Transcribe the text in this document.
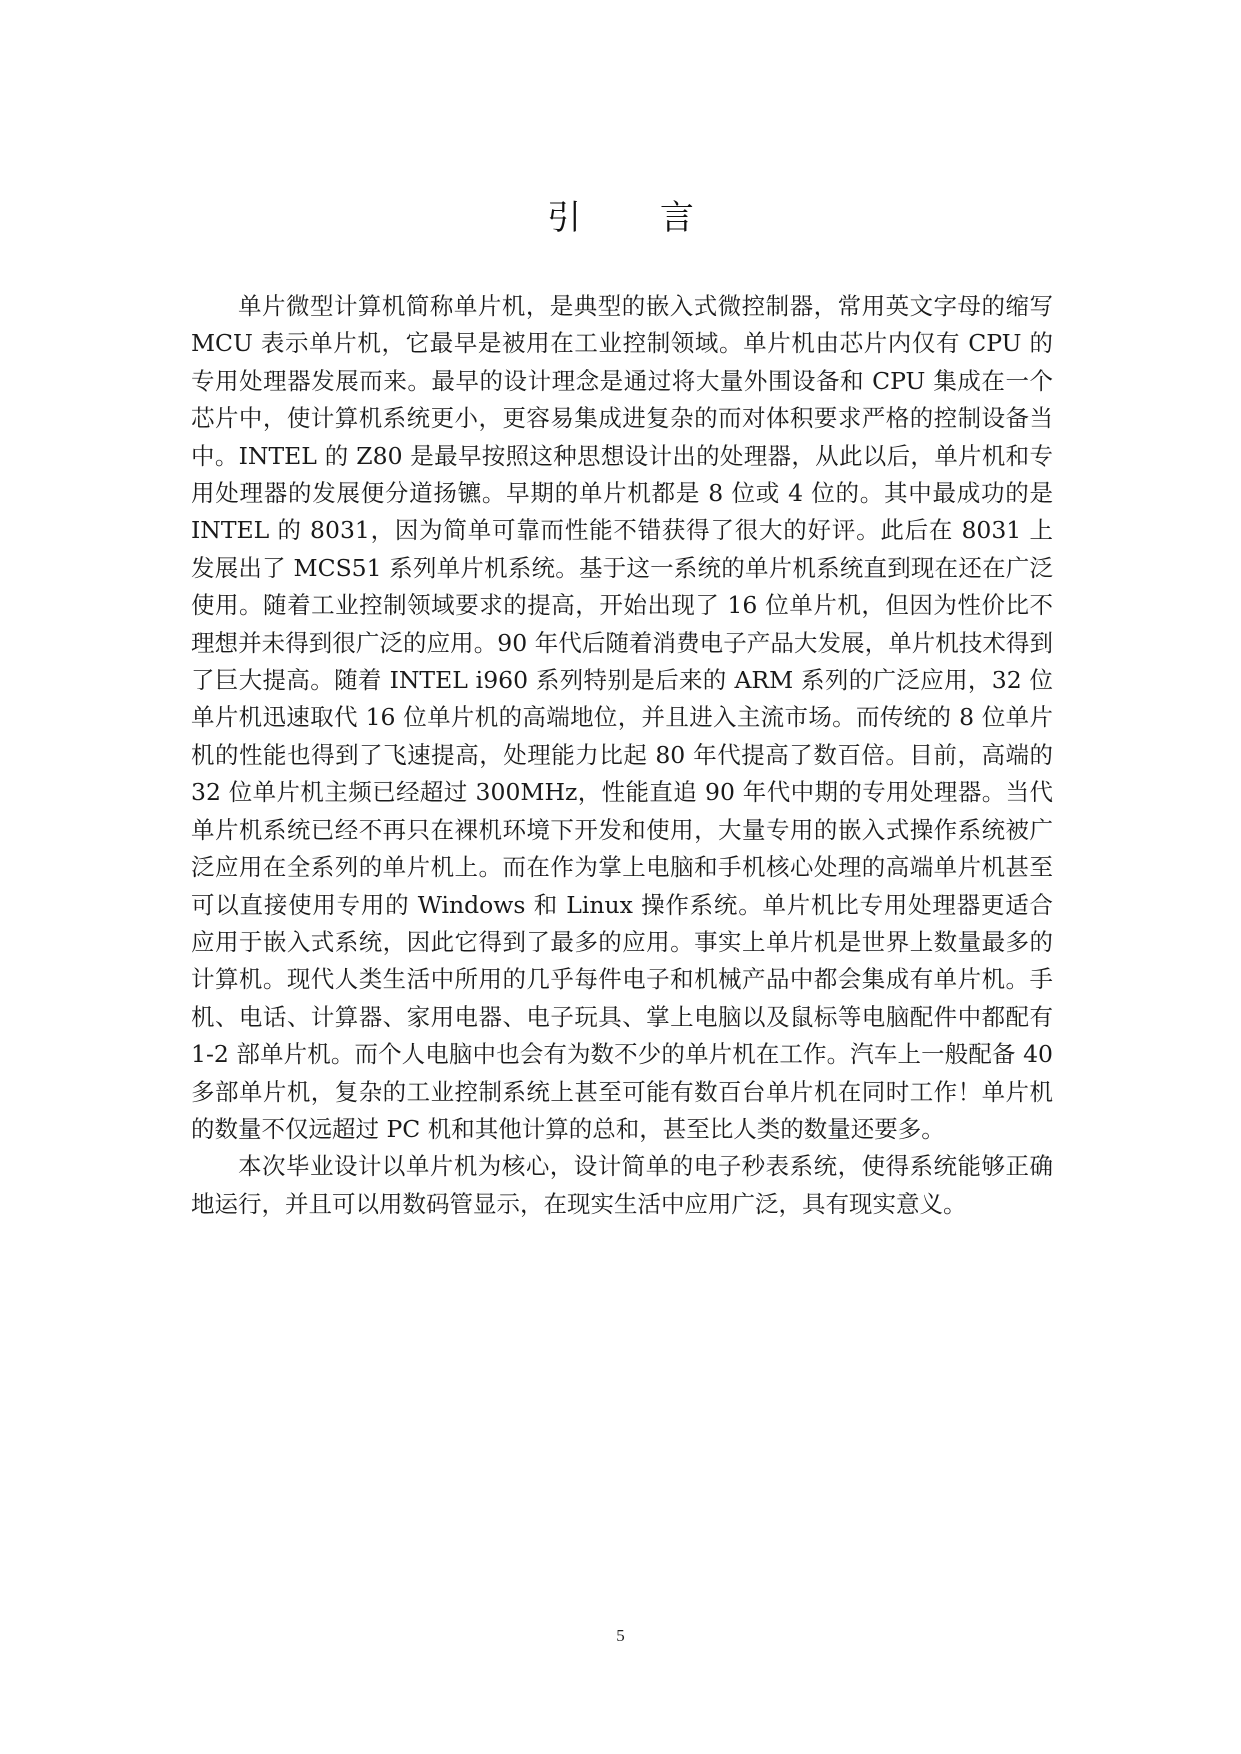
引 言

单片微型计算机简称单片机，是典型的嵌入式微控制器，常用英文字母的缩写 MCU 表示单片机，它最早是被用在工业控制领域。单片机由芯片内仅有 CPU 的专用处理器发展而来。最早的设计理念是通过将大量外围设备和 CPU 集成在一个芯片中，使计算机系统更小，更容易集成进复杂的而对体积要求严格的控制设备当中。INTEL 的 Z80 是最早按照这种思想设计出的处理器，从此以后，单片机和专用处理器的发展便分道扬镳。早期的单片机都是 8 位或 4 位的。其中最成功的是 INTEL 的 8031，因为简单可靠而性能不错获得了很大的好评。此后在 8031 上发展出了 MCS51 系列单片机系统。基于这一系统的单片机系统直到现在还在广泛使用。随着工业控制领域要求的提高，开始出现了 16 位单片机，但因为性价比不理想并未得到很广泛的应用。90 年代后随着消费电子产品大发展，单片机技术得到了巨大提高。随着 INTEL i960 系列特别是后来的 ARM 系列的广泛应用，32 位单片机迅速取代 16 位单片机的高端地位，并且进入主流市场。而传统的 8 位单片机的性能也得到了飞速提高，处理能力比起 80 年代提高了数百倍。目前，高端的 32 位单片机主频已经超过 300MHz，性能直追 90 年代中期的专用处理器。当代单片机系统已经不再只在裸机环境下开发和使用，大量专用的嵌入式操作系统被广泛应用在全系列的单片机上。而在作为掌上电脑和手机核心处理的高端单片机甚至可以直接使用专用的 Windows 和 Linux 操作系统。单片机比专用处理器更适合应用于嵌入式系统，因此它得到了最多的应用。事实上单片机是世界上数量最多的计算机。现代人类生活中所用的几乎每件电子和机械产品中都会集成有单片机。手机、电话、计算器、家用电器、电子玩具、掌上电脑以及鼠标等电脑配件中都配有 1-2 部单片机。而个人电脑中也会有为数不少的单片机在工作。汽车上一般配备 40 多部单片机，复杂的工业控制系统上甚至可能有数百台单片机在同时工作！单片机的数量不仅远超过 PC 机和其他计算的总和，甚至比人类的数量还要多。

本次毕业设计以单片机为核心，设计简单的电子秒表系统，使得系统能够正确地运行，并且可以用数码管显示，在现实生活中应用广泛，具有现实意义。

5
